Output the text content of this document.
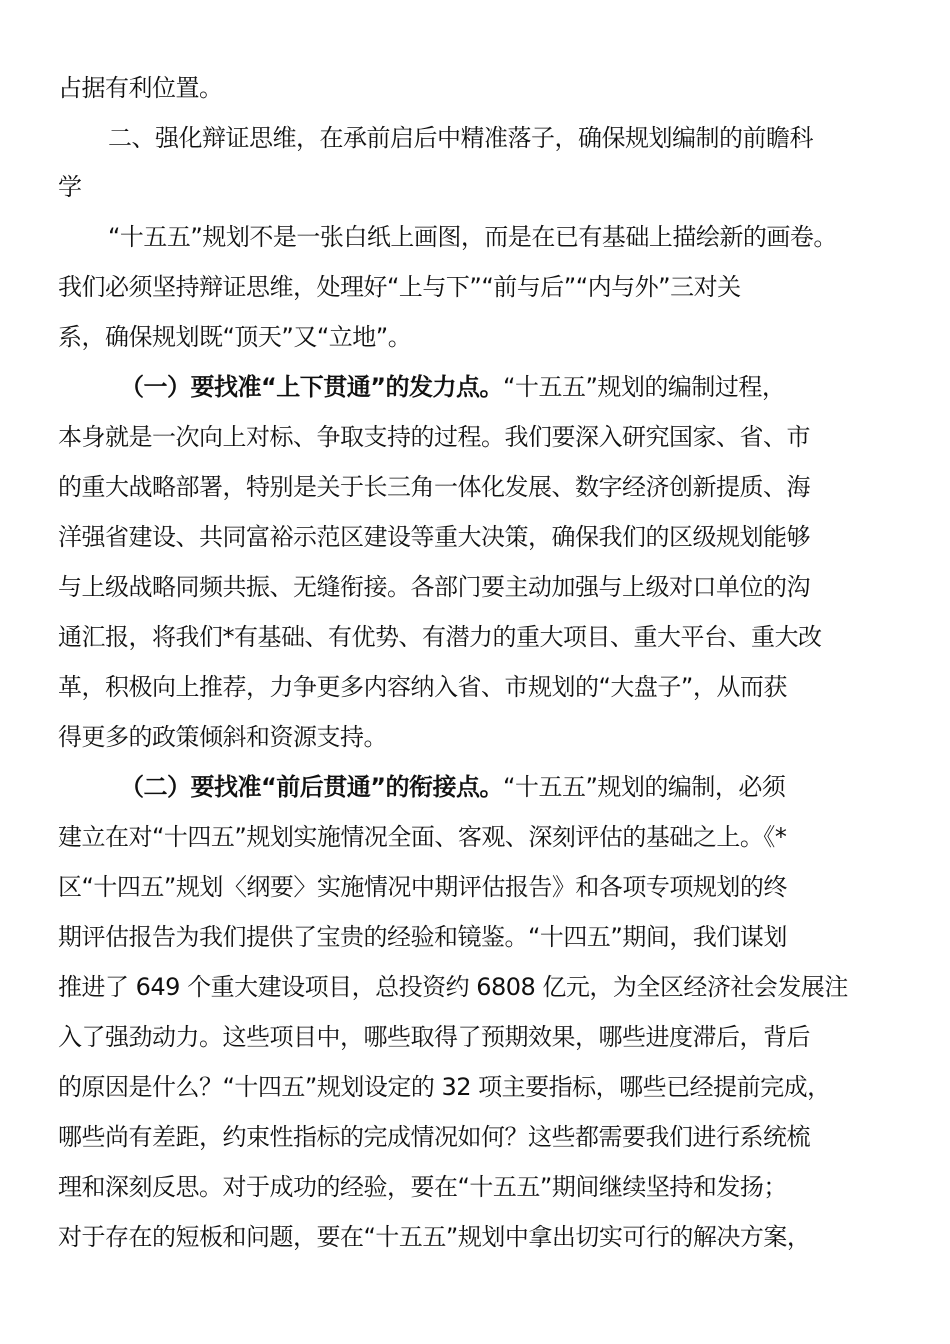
占据有利位置。
二、强化辩证思维，在承前启后中精准落子，确保规划编制的前瞻科
学
“十五五”规划不是一张白纸上画图，而是在已有基础上描绘新的画卷。
我们必须坚持辩证思维，处理好“上与下”“前与后”“内与外”三对关
系，确保规划既“顶天”又“立地”。
（一）要找准“上下贯通”的发力点。“十五五”规划的编制过程，
本身就是一次向上对标、争取支持的过程。我们要深入研究国家、省、市
的重大战略部署，特别是关于长三角一体化发展、数字经济创新提质、海
洋强省建设、共同富裕示范区建设等重大决策，确保我们的区级规划能够
与上级战略同频共振、无缝衔接。各部门要主动加强与上级对口单位的沟
通汇报，将我们*有基础、有优势、有潜力的重大项目、重大平台、重大改
革，积极向上推荐，力争更多内容纳入省、市规划的“大盘子”，从而获
得更多的政策倾斜和资源支持。
（二）要找准“前后贯通”的衔接点。“十五五”规划的编制，必须
建立在对“十四五”规划实施情况全面、客观、深刻评估的基础之上。《*
区“十四五”规划〈纲要〉实施情况中期评估报告》和各项专项规划的终
期评估报告为我们提供了宝贵的经验和镜鉴。“十四五”期间，我们谋划
推进了 649 个重大建设项目，总投资约 6808 亿元，为全区经济社会发展注
入了强劲动力。这些项目中，哪些取得了预期效果，哪些进度滞后，背后
的原因是什么？“十四五”规划设定的 32 项主要指标，哪些已经提前完成，
哪些尚有差距，约束性指标的完成情况如何？这些都需要我们进行系统梳
理和深刻反思。对于成功的经验，要在“十五五”期间继续坚持和发扬；
对于存在的短板和问题，要在“十五五”规划中拿出切实可行的解决方案，
